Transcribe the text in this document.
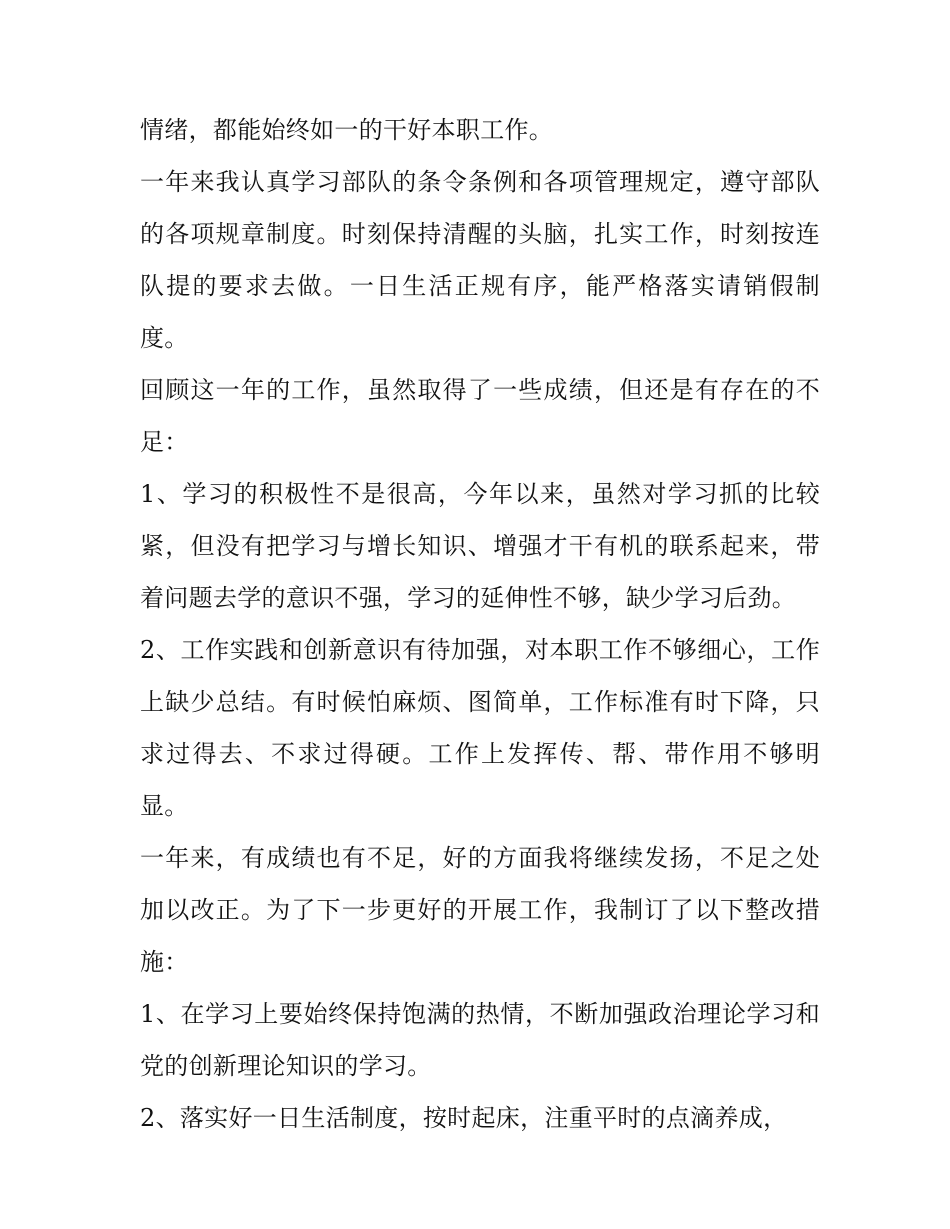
情绪，都能始终如一的干好本职工作。

一年来我认真学习部队的条令条例和各项管理规定，遵守部队的各项规章制度。时刻保持清醒的头脑，扎实工作，时刻按连队提的要求去做。一日生活正规有序，能严格落实请销假制度。

回顾这一年的工作，虽然取得了一些成绩，但还是有存在的不足：

1、学习的积极性不是很高，今年以来，虽然对学习抓的比较紧，但没有把学习与增长知识、增强才干有机的联系起来，带着问题去学的意识不强，学习的延伸性不够，缺少学习后劲。

2、工作实践和创新意识有待加强，对本职工作不够细心，工作上缺少总结。有时候怕麻烦、图简单，工作标准有时下降，只求过得去、不求过得硬。工作上发挥传、帮、带作用不够明显。

一年来，有成绩也有不足，好的方面我将继续发扬，不足之处加以改正。为了下一步更好的开展工作，我制订了以下整改措施：

1、在学习上要始终保持饱满的热情，不断加强政治理论学习和党的创新理论知识的学习。

2、落实好一日生活制度，按时起床，注重平时的点滴养成，
